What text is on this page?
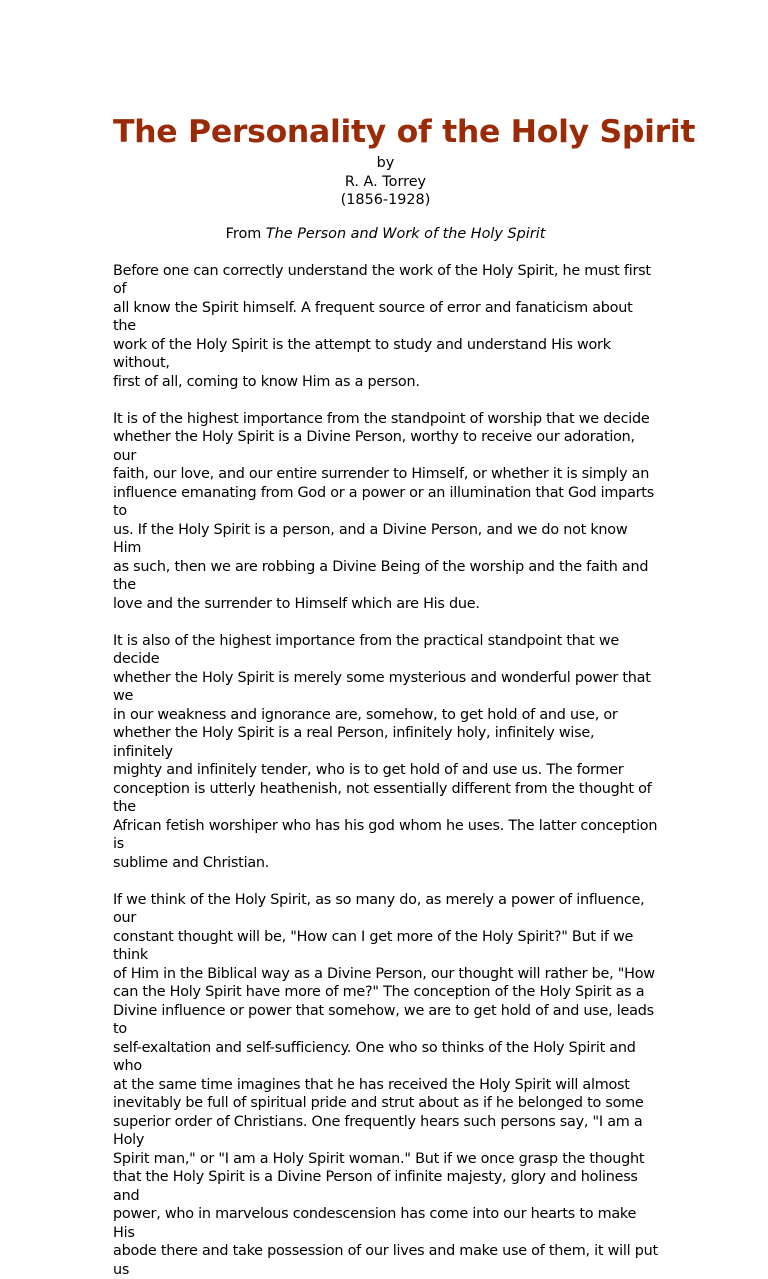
The Personality of the Holy Spirit

by

R. A. Torrey

(1856-1928)

From The Person and Work of the Holy Spirit

Before one can correctly understand the work of the Holy Spirit, he must first of
all know the Spirit himself. A frequent source of error and fanaticism about the
work of the Holy Spirit is the attempt to study and understand His work without,
first of all, coming to know Him as a person.

It is of the highest importance from the standpoint of worship that we decide
whether the Holy Spirit is a Divine Person, worthy to receive our adoration, our
faith, our love, and our entire surrender to Himself, or whether it is simply an
influence emanating from God or a power or an illumination that God imparts to
us. If the Holy Spirit is a person, and a Divine Person, and we do not know Him
as such, then we are robbing a Divine Being of the worship and the faith and the
love and the surrender to Himself which are His due.

It is also of the highest importance from the practical standpoint that we decide
whether the Holy Spirit is merely some mysterious and wonderful power that we
in our weakness and ignorance are, somehow, to get hold of and use, or
whether the Holy Spirit is a real Person, infinitely holy, infinitely wise, infinitely
mighty and infinitely tender, who is to get hold of and use us. The former
conception is utterly heathenish, not essentially different from the thought of the
African fetish worshiper who has his god whom he uses. The latter conception is
sublime and Christian.

If we think of the Holy Spirit, as so many do, as merely a power of influence, our
constant thought will be, "How can I get more of the Holy Spirit?" But if we think
of Him in the Biblical way as a Divine Person, our thought will rather be, "How
can the Holy Spirit have more of me?" The conception of the Holy Spirit as a
Divine influence or power that somehow, we are to get hold of and use, leads to
self-exaltation and self-sufficiency. One who so thinks of the Holy Spirit and who
at the same time imagines that he has received the Holy Spirit will almost
inevitably be full of spiritual pride and strut about as if he belonged to some
superior order of Christians. One frequently hears such persons say, "I am a Holy
Spirit man," or "I am a Holy Spirit woman." But if we once grasp the thought
that the Holy Spirit is a Divine Person of infinite majesty, glory and holiness and
power, who in marvelous condescension has come into our hearts to make His
abode there and take possession of our lives and make use of them, it will put us
